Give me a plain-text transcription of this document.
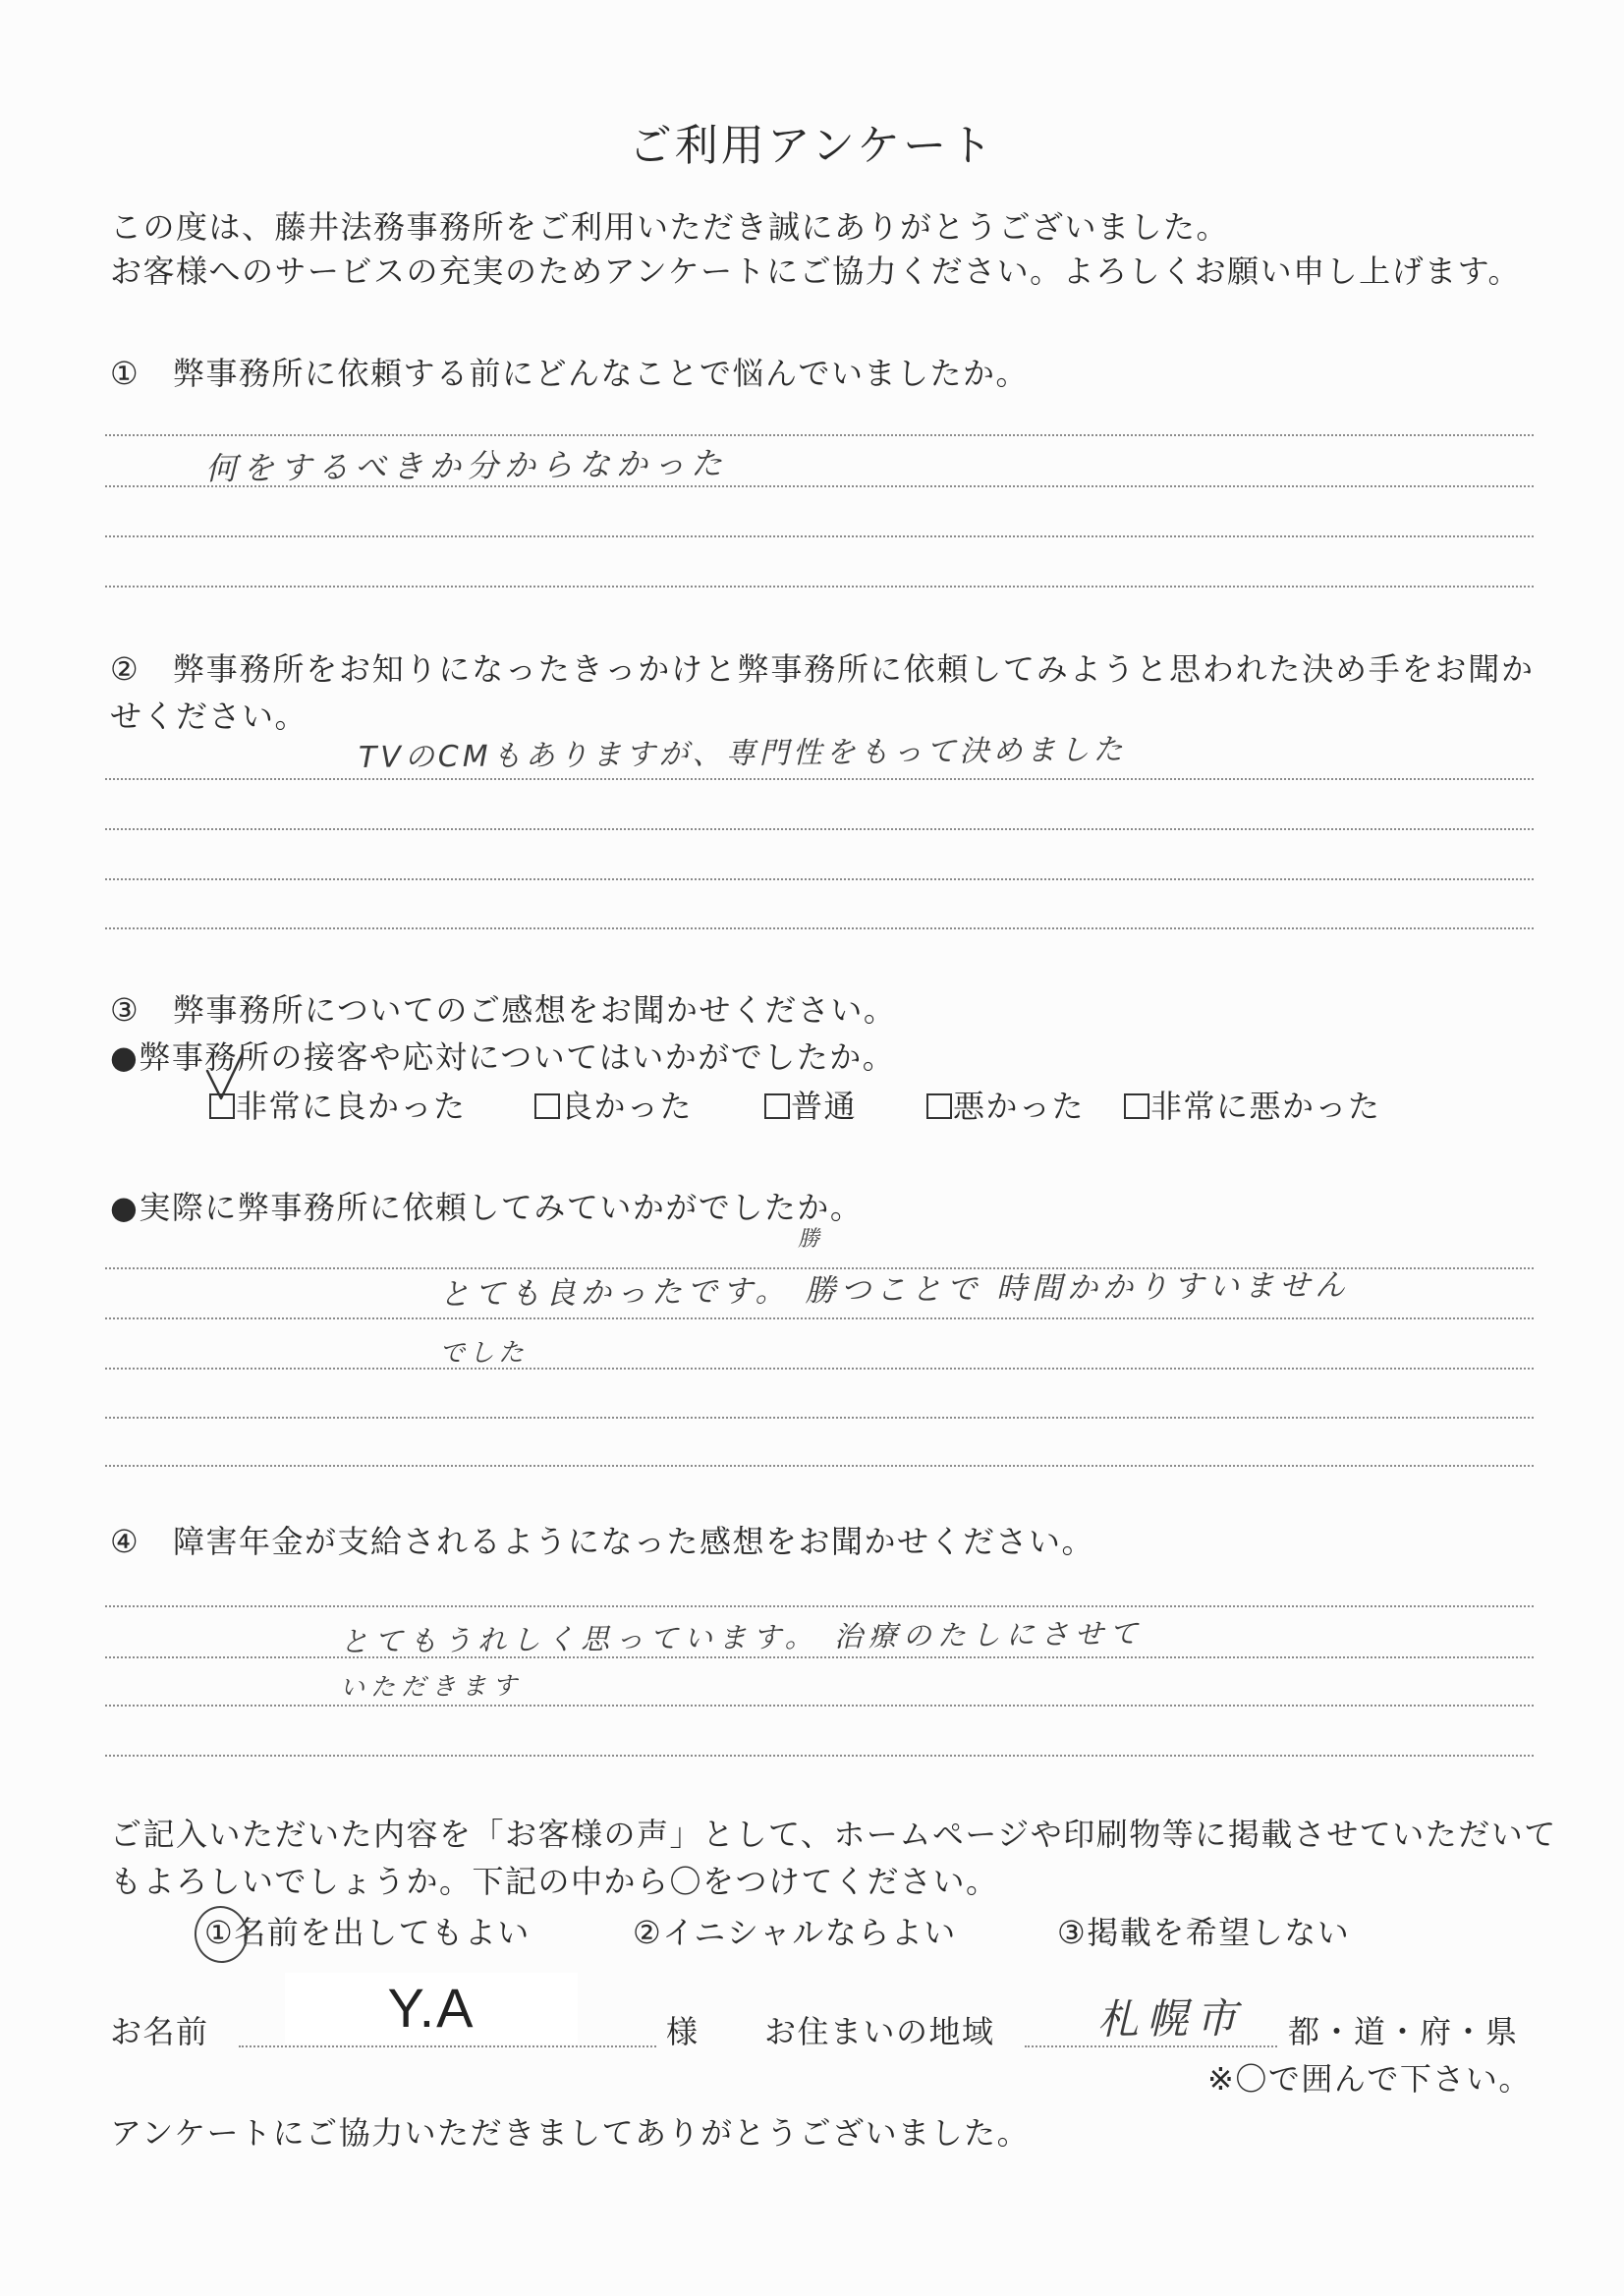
ご利用アンケート
この度は、藤井法務事務所をご利用いただき誠にありがとうございました。
お客様へのサービスの充実のためアンケートにご協力ください。よろしくお願い申し上げます。
① 弊事務所に依頼する前にどんなことで悩んでいましたか。
何をするべきか分からなかった
② 弊事務所をお知りになったきっかけと弊事務所に依頼してみようと思われた決め手をお聞か
せください。
TVのCMもありますが、専門性をもって決めました
③ 弊事務所についてのご感想をお聞かせください。
●弊事務所の接客や応対についてはいかがでしたか。
非常に良かった	良かった	普通	悪かった 非常に悪かった
●実際に弊事務所に依頼してみていかがでしたか。
勝
とても良かったです。 勝つことで 時間かかりすいません
でした
④ 障害年金が支給されるようになった感想をお聞かせください。
とてもうれしく思っています。 治療のたしにさせて
いただきます
ご記入いただいた内容を「お客様の声」として、ホームページや印刷物等に掲載させていただいて
もよろしいでしょうか。下記の中から〇をつけてください。
①名前を出してもよい	②イニシャルならよい	③掲載を希望しない
お名前	Y.A	様 お住まいの地域 札幌市 都・道・府・県
※〇で囲んで下さい。
アンケートにご協力いただきましてありがとうございました。
